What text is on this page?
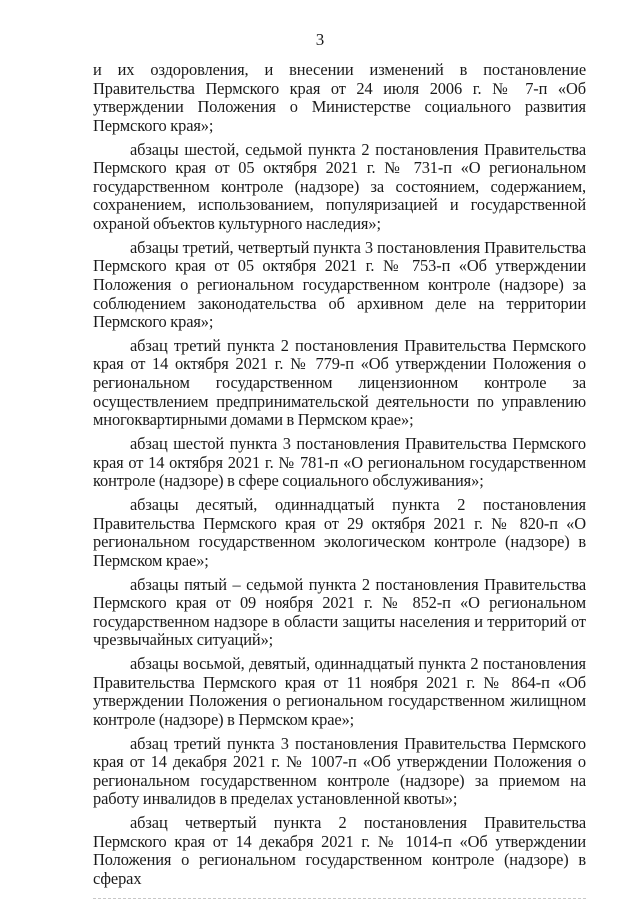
3

и их оздоровления, и внесении изменений в постановление Правительства Пермского края от 24 июля 2006 г. № 7-п «Об утверждении Положения о Министерстве социального развития Пермского края»;

абзацы шестой, седьмой пункта 2 постановления Правительства Пермского края от 05 октября 2021 г. № 731-п «О региональном государственном контроле (надзоре) за состоянием, содержанием, сохранением, использованием, популяризацией и государственной охраной объектов культурного наследия»;

абзацы третий, четвертый пункта 3 постановления Правительства Пермского края от 05 октября 2021 г. № 753-п «Об утверждении Положения о региональном государственном контроле (надзоре) за соблюдением законодательства об архивном деле на территории Пермского края»;

абзац третий пункта 2 постановления Правительства Пермского края от 14 октября 2021 г. № 779-п «Об утверждении Положения о региональном государственном лицензионном контроле за осуществлением предпринимательской деятельности по управлению многоквартирными домами в Пермском крае»;

абзац шестой пункта 3 постановления Правительства Пермского края от 14 октября 2021 г. № 781-п «О региональном государственном контроле (надзоре) в сфере социального обслуживания»;

абзацы десятый, одиннадцатый пункта 2 постановления Правительства Пермского края от 29 октября 2021 г. № 820-п «О региональном государственном экологическом контроле (надзоре) в Пермском крае»;

абзацы пятый – седьмой пункта 2 постановления Правительства Пермского края от 09 ноября 2021 г. № 852-п «О региональном государственном надзоре в области защиты населения и территорий от чрезвычайных ситуаций»;

абзацы восьмой, девятый, одиннадцатый пункта 2 постановления Правительства Пермского края от 11 ноября 2021 г. № 864-п «Об утверждении Положения о региональном государственном жилищном контроле (надзоре) в Пермском крае»;

абзац третий пункта 3 постановления Правительства Пермского края от 14 декабря 2021 г. № 1007-п «Об утверждении Положения о региональном государственном контроле (надзоре) за приемом на работу инвалидов в пределах установленной квоты»;

абзац четвертый пункта 2 постановления Правительства Пермского края от 14 декабря 2021 г. № 1014-п «Об утверждении Положения о региональном государственном контроле (надзоре) в сферах
